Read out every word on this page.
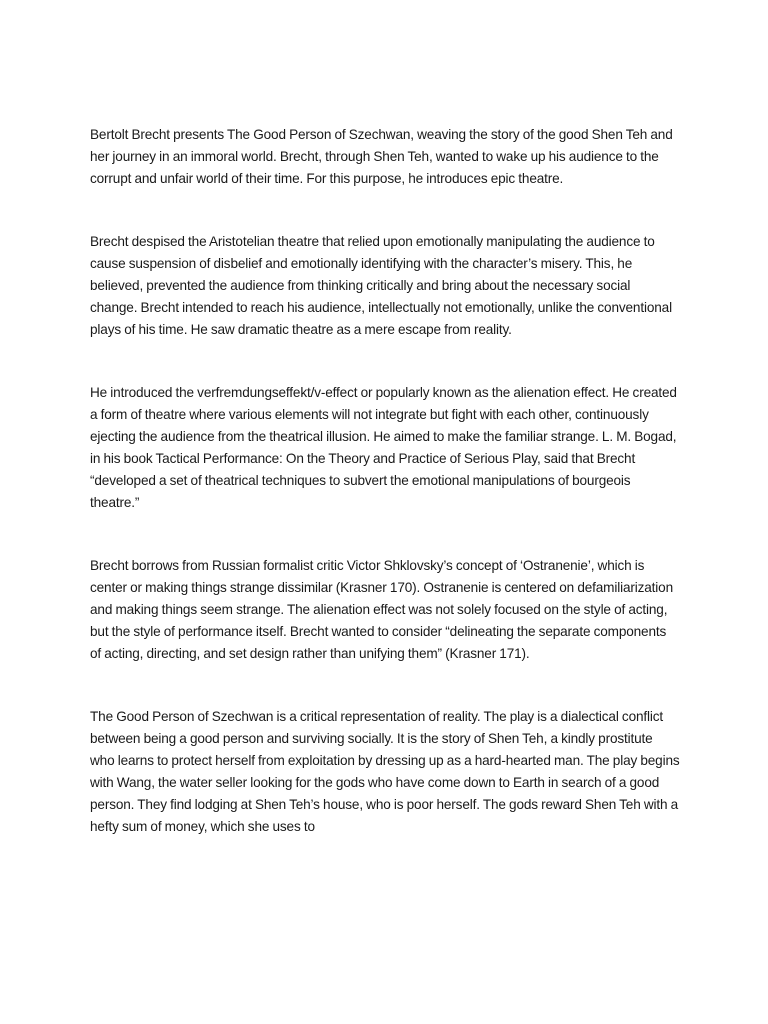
Bertolt Brecht presents The Good Person of Szechwan, weaving the story of the good Shen Teh and her journey in an immoral world. Brecht, through Shen Teh, wanted to wake up his audience to the corrupt and unfair world of their time. For this purpose, he introduces epic theatre.

Brecht despised the Aristotelian theatre that relied upon emotionally manipulating the audience to cause suspension of disbelief and emotionally identifying with the character’s misery. This, he believed, prevented the audience from thinking critically and bring about the necessary social change. Brecht intended to reach his audience, intellectually not emotionally, unlike the conventional plays of his time. He saw dramatic theatre as a mere escape from reality.

He introduced the verfremdungseffekt/v-effect or popularly known as the alienation effect. He created a form of theatre where various elements will not integrate but fight with each other, continuously ejecting the audience from the theatrical illusion. He aimed to make the familiar strange. L. M. Bogad, in his book Tactical Performance: On the Theory and Practice of Serious Play, said that Brecht “developed a set of theatrical techniques to subvert the emotional manipulations of bourgeois theatre.”

Brecht borrows from Russian formalist critic Victor Shklovsky’s concept of ‘Ostranenie’, which is center or making things strange dissimilar (Krasner 170). Ostranenie is centered on defamiliarization and making things seem strange. The alienation effect was not solely focused on the style of acting, but the style of performance itself. Brecht wanted to consider “delineating the separate components of acting, directing, and set design rather than unifying them” (Krasner 171).

The Good Person of Szechwan is a critical representation of reality. The play is a dialectical conflict between being a good person and surviving socially. It is the story of Shen Teh, a kindly prostitute who learns to protect herself from exploitation by dressing up as a hard-hearted man. The play begins with Wang, the water seller looking for the gods who have come down to Earth in search of a good person. They find lodging at Shen Teh’s house, who is poor herself. The gods reward Shen Teh with a hefty sum of money, which she uses to
